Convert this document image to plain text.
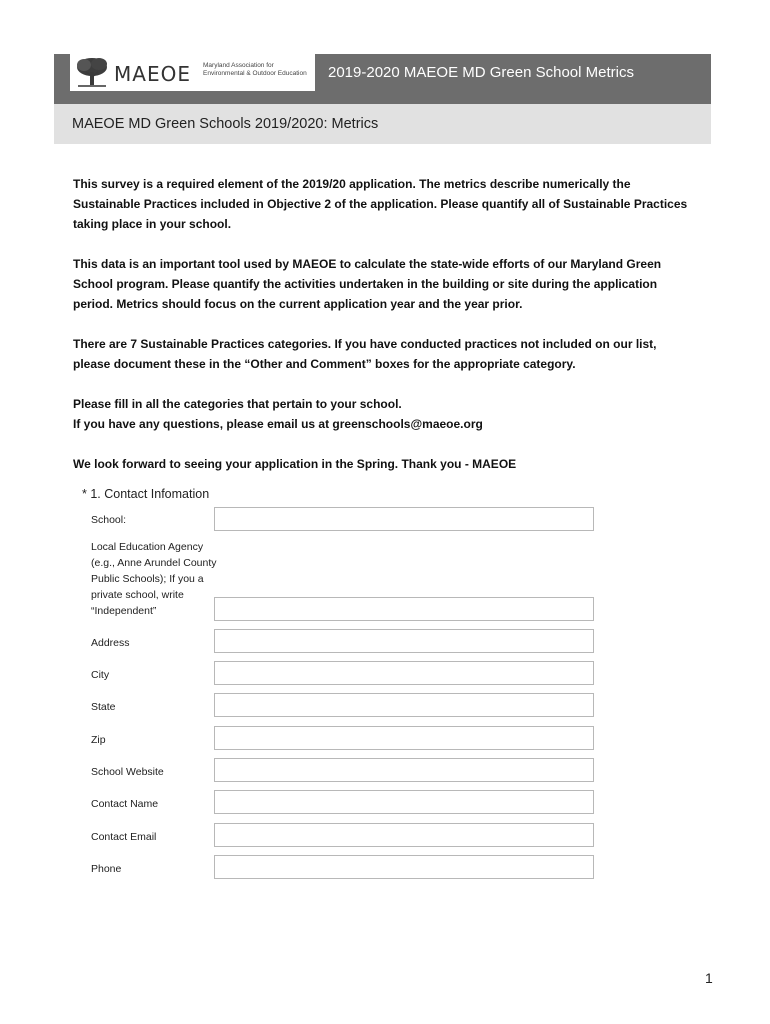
MAEOE Maryland Association for Environmental & Outdoor Education	2019-2020 MAEOE MD Green School Metrics
MAEOE MD Green Schools 2019/2020: Metrics

This survey is a required element of the 2019/20 application. The metrics describe numerically the Sustainable Practices included in Objective 2 of the application. Please quantify all of Sustainable Practices taking place in your school.

This data is an important tool used by MAEOE to calculate the state-wide efforts of our Maryland Green School program. Please quantify the activities undertaken in the building or site during the application period. Metrics should focus on the current application year and the year prior.

There are 7 Sustainable Practices categories. If you have conducted practices not included on our list, please document these in the “Other and Comment” boxes for the appropriate category.

Please fill in all the categories that pertain to your school.
If you have any questions, please email us at greenschools@maeoe.org

We look forward to seeing your application in the Spring. Thank you - MAEOE

* 1. Contact Infomation
School:
Local Education Agency (e.g., Anne Arundel County Public Schools); If you a private school, write “Independent”
Address
City
State
Zip
School Website
Contact Name
Contact Email
Phone
1
